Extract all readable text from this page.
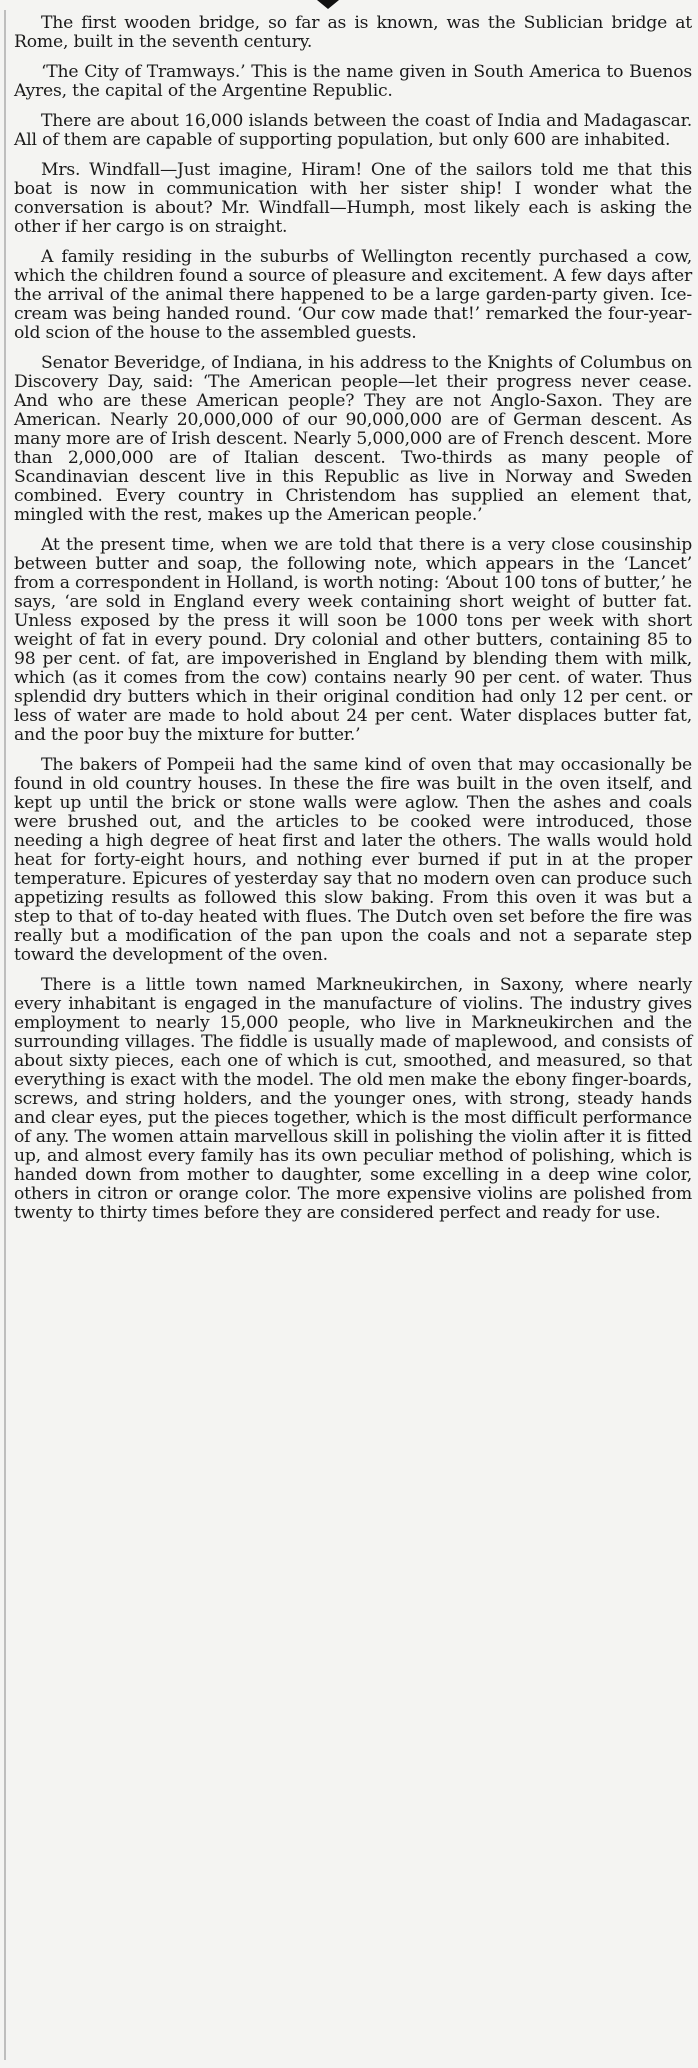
The first wooden bridge, so far as is known, was the Sublician bridge at Rome, built in the seventh century.

‘The City of Tramways.’ This is the name given in South America to Buenos Ayres, the capital of the Argentine Republic.

There are about 16,000 islands between the coast of India and Madagascar. All of them are capable of supporting population, but only 600 are inhabited.

Mrs. Windfall—Just imagine, Hiram! One of the sailors told me that this boat is now in communication with her sister ship! I wonder what the conversation is about? Mr. Windfall—Humph, most likely each is asking the other if her cargo is on straight.

A family residing in the suburbs of Wellington recently purchased a cow, which the children found a source of pleasure and excitement. A few days after the arrival of the animal there happened to be a large garden-party given. Ice-cream was being handed round. ‘Our cow made that!’ remarked the four-year-old scion of the house to the assembled guests.

Senator Beveridge, of Indiana, in his address to the Knights of Columbus on Discovery Day, said: ‘The American people—let their progress never cease. And who are these American people? They are not Anglo-Saxon. They are American. Nearly 20,000,000 of our 90,000,000 are of German descent. As many more are of Irish descent. Nearly 5,000,000 are of French descent. More than 2,000,000 are of Italian descent. Two-thirds as many people of Scandinavian descent live in this Republic as live in Norway and Sweden combined. Every country in Christendom has supplied an element that, mingled with the rest, makes up the American people.’

At the present time, when we are told that there is a very close cousinship between butter and soap, the following note, which appears in the ‘Lancet’ from a correspondent in Holland, is worth noting: ‘About 100 tons of butter,’ he says, ‘are sold in England every week containing short weight of butter fat. Unless exposed by the press it will soon be 1000 tons per week with short weight of fat in every pound. Dry colonial and other butters, containing 85 to 98 per cent. of fat, are impoverished in England by blending them with milk, which (as it comes from the cow) contains nearly 90 per cent. of water. Thus splendid dry butters which in their original condition had only 12 per cent. or less of water are made to hold about 24 per cent. Water displaces butter fat, and the poor buy the mixture for butter.’

The bakers of Pompeii had the same kind of oven that may occasionally be found in old country houses. In these the fire was built in the oven itself, and kept up until the brick or stone walls were aglow. Then the ashes and coals were brushed out, and the articles to be cooked were introduced, those needing a high degree of heat first and later the others. The walls would hold heat for forty-eight hours, and nothing ever burned if put in at the proper temperature. Epicures of yesterday say that no modern oven can produce such appetizing results as followed this slow baking. From this oven it was but a step to that of to-day heated with flues. The Dutch oven set before the fire was really but a modification of the pan upon the coals and not a separate step toward the development of the oven.

There is a little town named Markneukirchen, in Saxony, where nearly every inhabitant is engaged in the manufacture of violins. The industry gives employment to nearly 15,000 people, who live in Markneukirchen and the surrounding villages. The fiddle is usually made of maplewood, and consists of about sixty pieces, each one of which is cut, smoothed, and measured, so that everything is exact with the model. The old men make the ebony finger-boards, screws, and string holders, and the younger ones, with strong, steady hands and clear eyes, put the pieces together, which is the most difficult performance of any. The women attain marvellous skill in polishing the violin after it is fitted up, and almost every family has its own peculiar method of polishing, which is handed down from mother to daughter, some excelling in a deep wine color, others in citron or orange color. The more expensive violins are polished from twenty to thirty times before they are considered perfect and ready for use.
